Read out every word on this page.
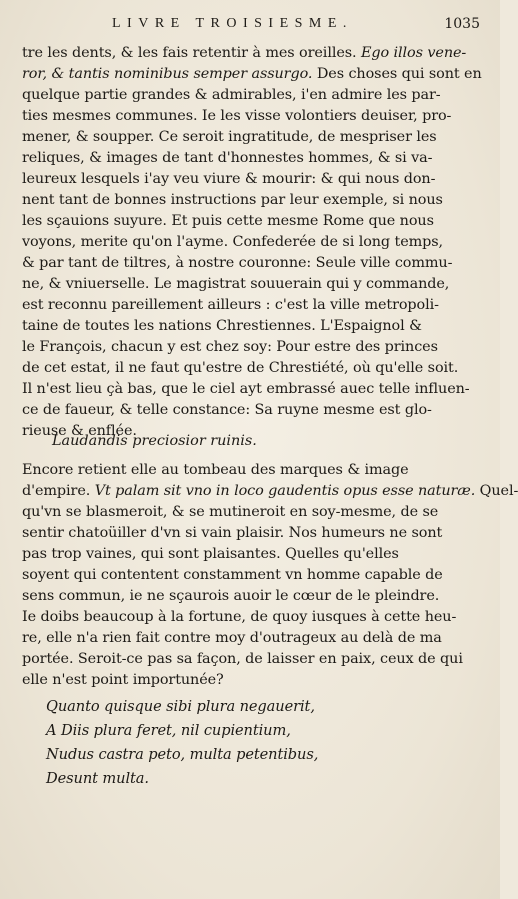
LIVRE TROISIESME.	1035
tre les dents, & les fais retentir à mes oreilles. Ego illos vene-
ror, & tantis nominibus semper assurgo. Des choses qui sont en
quelque partie grandes & admirables, i'en admire les par-
ties mesmes communes. Ie les visse volontiers deuiser, pro-
mener, & soupper. Ce seroit ingratitude, de mespriser les
reliques, & images de tant d'honnestes hommes, & si va-
leureux lesquels i'ay veu viure & mourir: & qui nous don-
nent tant de bonnes instructions par leur exemple, si nous
les sçauions suyure. Et puis cette mesme Rome que nous
voyons, merite qu'on l'ayme. Confederée de si long temps,
& par tant de tiltres, à nostre couronne: Seule ville commu-
ne, & vniuerselle. Le magistrat souuerain qui y commande,
est reconnu pareillement ailleurs : c'est la ville metropoli-
taine de toutes les nations Chrestiennes. L'Espaignol &
le François, chacun y est chez soy: Pour estre des princes
de cet estat, il ne faut qu'estre de Chrestiété, où qu'elle soit.
Il n'est lieu çà bas, que le ciel ayt embrassé auec telle influen-
ce de faueur, & telle constance: Sa ruyne mesme est glo-
rieuse & enflée.
Laudandis preciosior ruinis.
Encore retient elle au tombeau des marques & image
d'empire. Vt palam sit vno in loco gaudentis opus esse naturæ. Quel-
qu'vn se blasmeroit, & se mutineroit en soy-mesme, de se
sentir chatoüiller d'vn si vain plaisir. Nos humeurs ne sont
pas trop vaines, qui sont plaisantes. Quelles qu'elles
soyent qui contentent constamment vn homme capable de
sens commun, ie ne sçaurois auoir le cœur de le pleindre.
Ie doibs beaucoup à la fortune, de quoy iusques à cette heu-
re, elle n'a rien fait contre moy d'outrageux au delà de ma
portée. Seroit-ce pas sa façon, de laisser en paix, ceux de qui
elle n'est point importunée?
Quanto quisque sibi plura negauerit,
A Diis plura feret, nil cupientium,
Nudus castra peto, multa petentibus,
Desunt multa.
